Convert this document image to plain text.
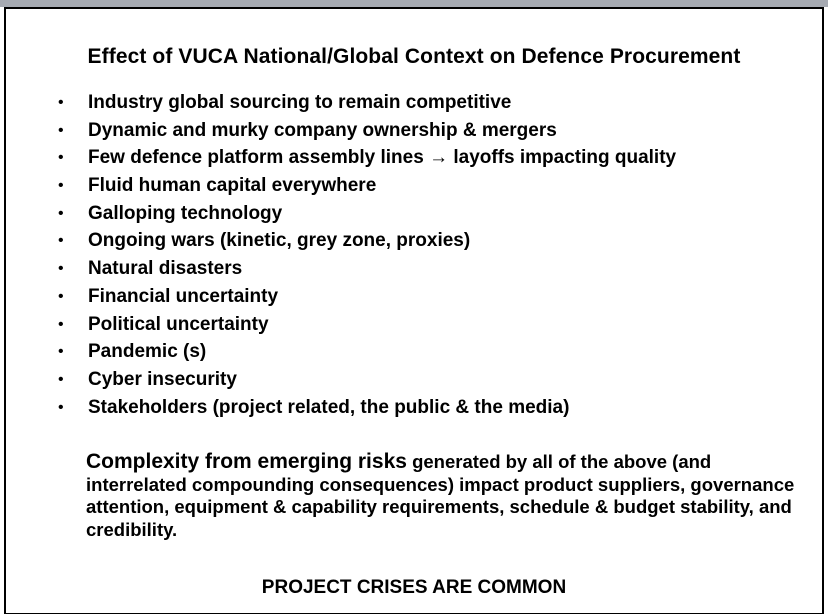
Effect of VUCA National/Global Context on Defence Procurement
•	Industry global sourcing to remain competitive
•	Dynamic and murky company ownership & mergers
•	Few defence platform assembly lines → layoffs impacting quality
•	Fluid human capital everywhere
•	Galloping technology
•	Ongoing wars (kinetic, grey zone, proxies)
•	Natural disasters
•	Financial uncertainty
•	Political uncertainty
•	Pandemic (s)
•	Cyber insecurity
•	Stakeholders (project related, the public & the media)
Complexity from emerging risks generated by all of the above (and interrelated compounding consequences) impact product suppliers, governance attention, equipment & capability requirements, schedule & budget stability, and credibility.
PROJECT CRISES ARE COMMON
